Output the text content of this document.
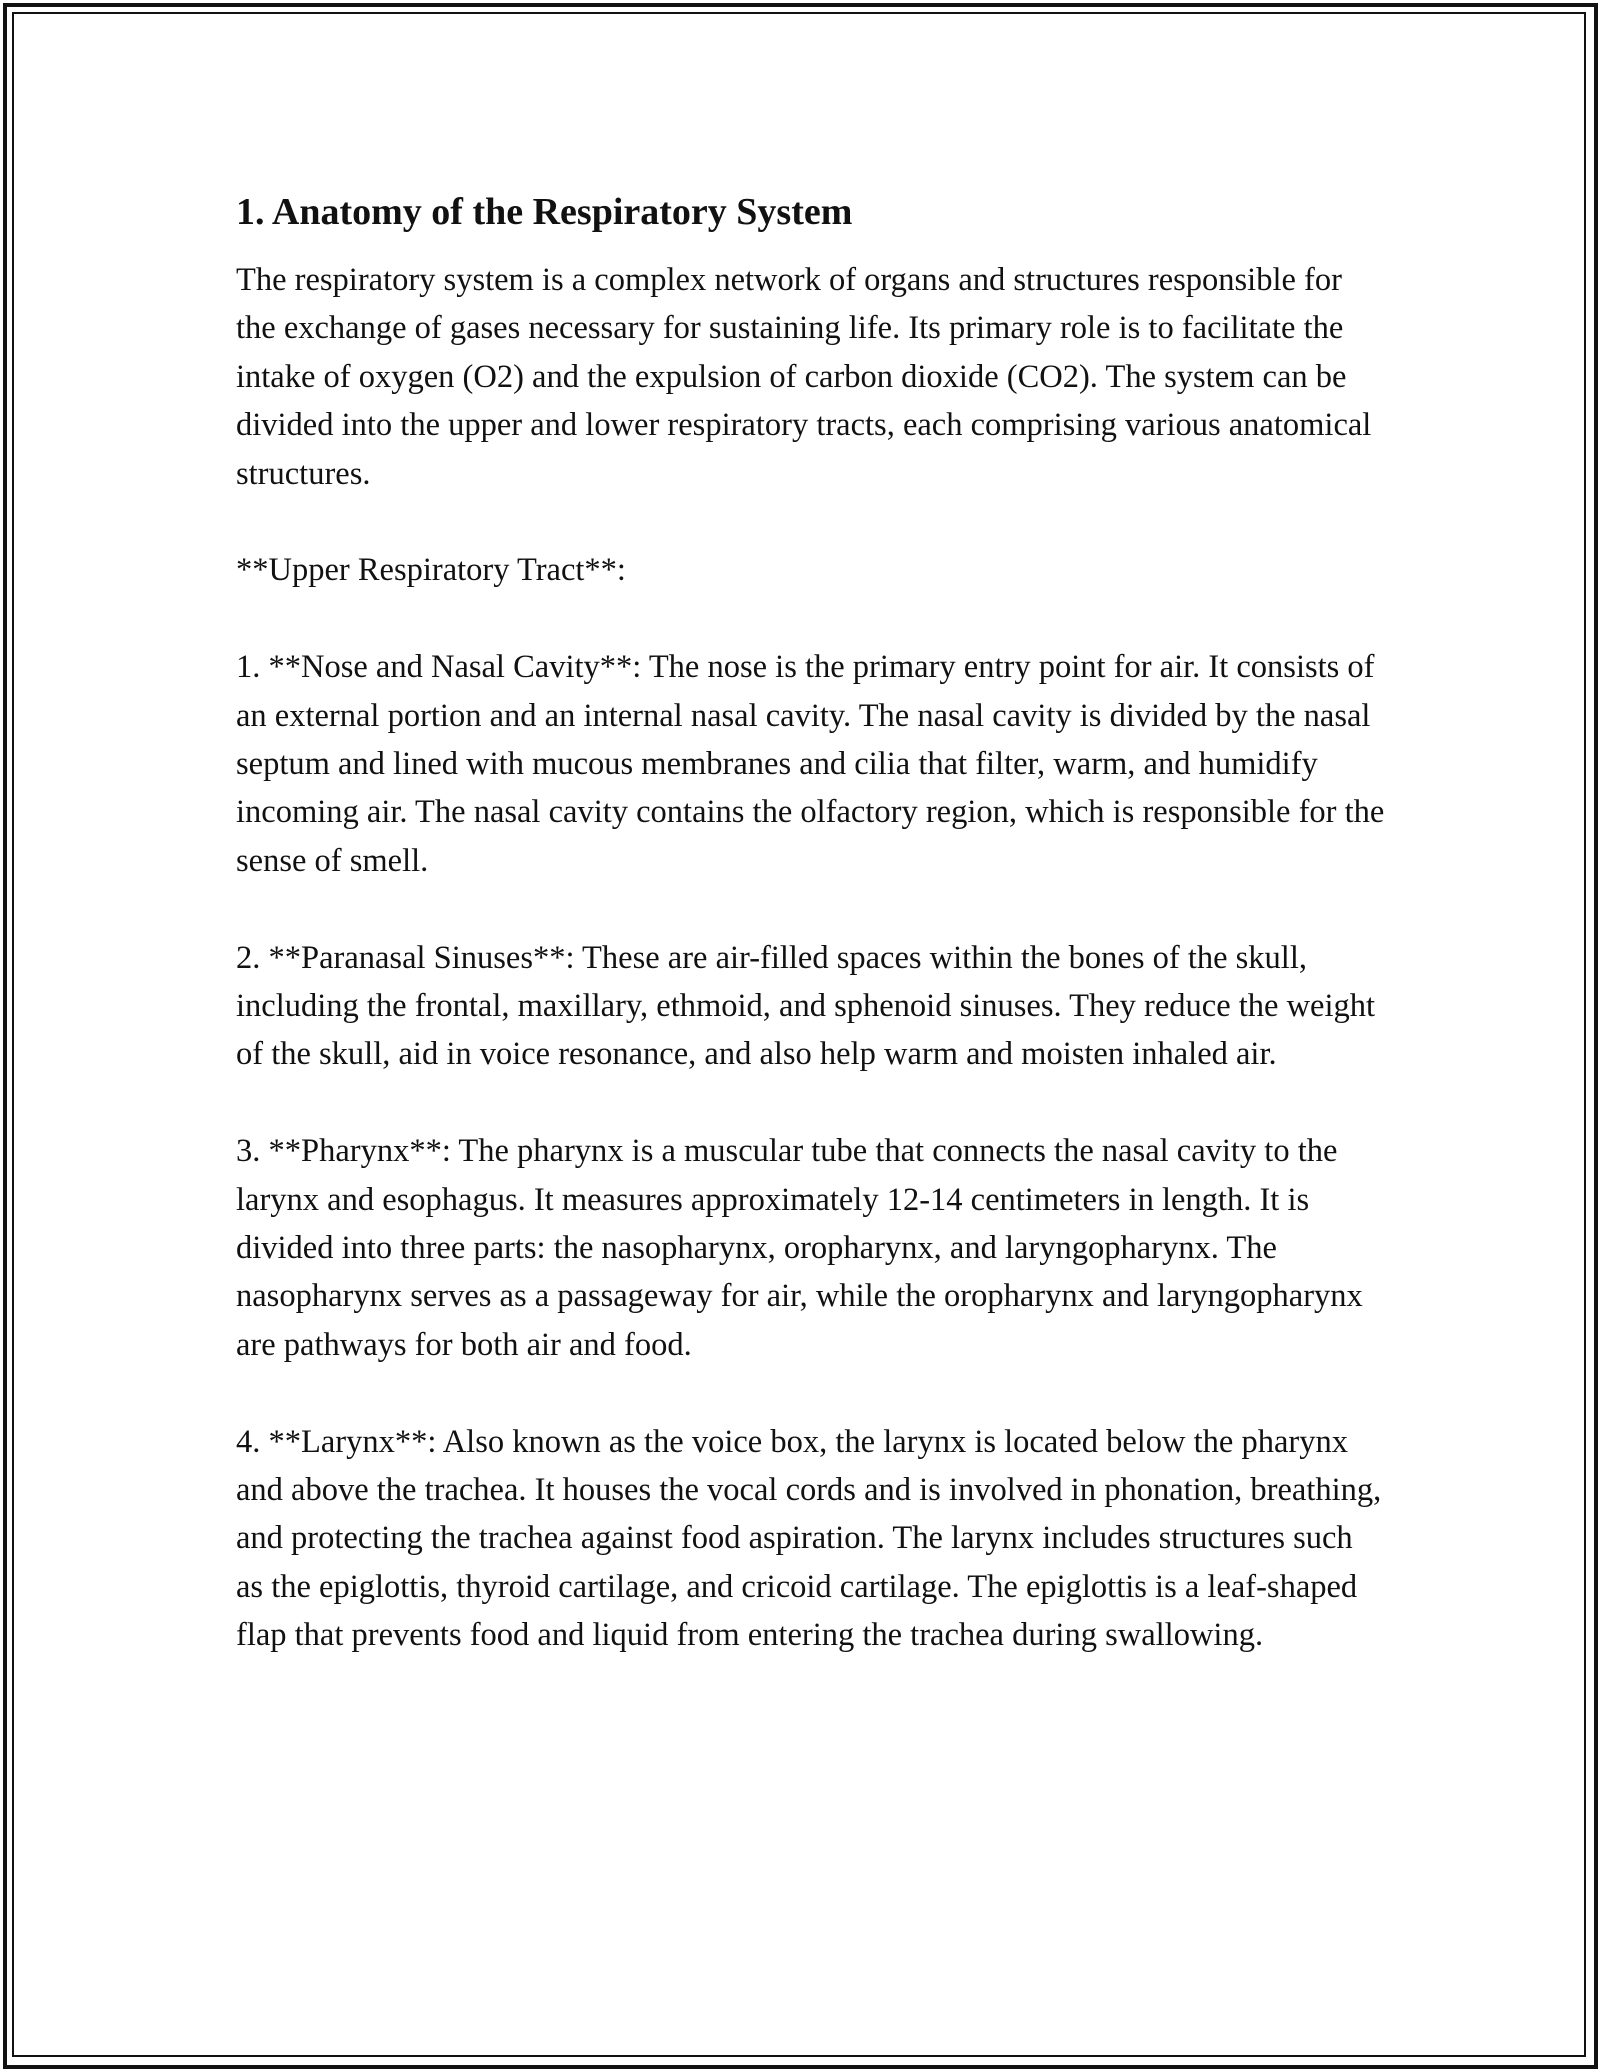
1. Anatomy of the Respiratory System

The respiratory system is a complex network of organs and structures responsible for the exchange of gases necessary for sustaining life. Its primary role is to facilitate the intake of oxygen (O2) and the expulsion of carbon dioxide (CO2). The system can be divided into the upper and lower respiratory tracts, each comprising various anatomical structures.

**Upper Respiratory Tract**:

1. **Nose and Nasal Cavity**: The nose is the primary entry point for air. It consists of an external portion and an internal nasal cavity. The nasal cavity is divided by the nasal septum and lined with mucous membranes and cilia that filter, warm, and humidify incoming air. The nasal cavity contains the olfactory region, which is responsible for the sense of smell.

2. **Paranasal Sinuses**: These are air-filled spaces within the bones of the skull, including the frontal, maxillary, ethmoid, and sphenoid sinuses. They reduce the weight of the skull, aid in voice resonance, and also help warm and moisten inhaled air.

3. **Pharynx**: The pharynx is a muscular tube that connects the nasal cavity to the larynx and esophagus. It measures approximately 12-14 centimeters in length. It is divided into three parts: the nasopharynx, oropharynx, and laryngopharynx. The nasopharynx serves as a passageway for air, while the oropharynx and laryngopharynx are pathways for both air and food.

4. **Larynx**: Also known as the voice box, the larynx is located below the pharynx and above the trachea. It houses the vocal cords and is involved in phonation, breathing, and protecting the trachea against food aspiration. The larynx includes structures such as the epiglottis, thyroid cartilage, and cricoid cartilage. The epiglottis is a leaf-shaped flap that prevents food and liquid from entering the trachea during swallowing.
